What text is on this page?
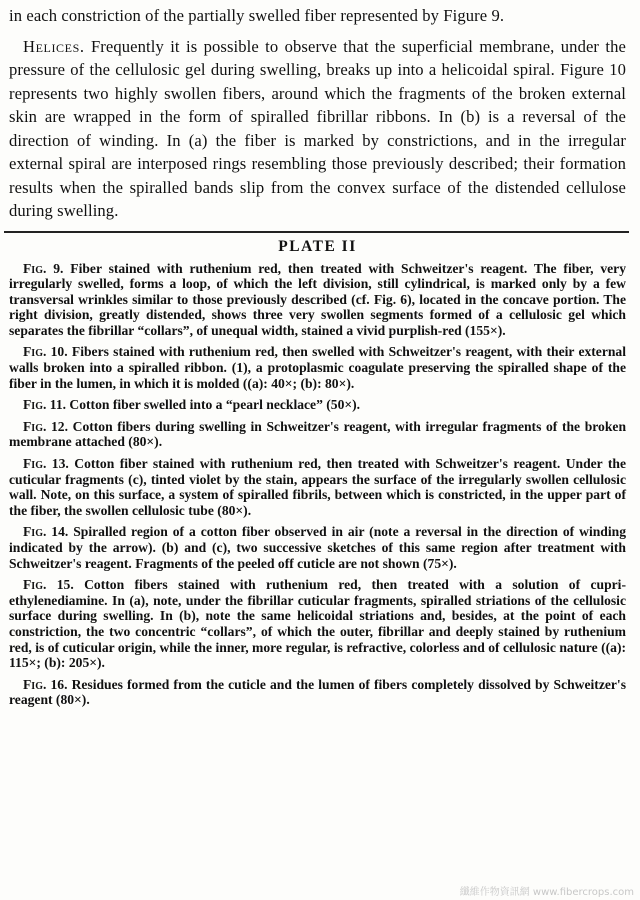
in each constriction of the partially swelled fiber represented by Figure 9.

Helices. Frequently it is possible to observe that the superficial membrane, under the pressure of the cellulosic gel during swelling, breaks up into a helicoidal spiral. Figure 10 represents two highly swollen fibers, around which the fragments of the broken external skin are wrapped in the form of spiralled fibrillar ribbons. In (b) is a reversal of the direction of winding. In (a) the fiber is marked by constrictions, and in the irregular external spiral are interposed rings resembling those previously described; their formation results when the spiralled bands slip from the convex surface of the distended cellulose during swelling.

PLATE II

Fig. 9. Fiber stained with ruthenium red, then treated with Schweitzer's reagent. The fiber, very irregularly swelled, forms a loop, of which the left division, still cylindrical, is marked only by a few transversal wrinkles similar to those previously described (cf. Fig. 6), located in the concave portion. The right division, greatly distended, shows three very swollen segments formed of a cellulosic gel which separates the fibrillar “collars”, of unequal width, stained a vivid purplish-red (155×).

Fig. 10. Fibers stained with ruthenium red, then swelled with Schweitzer's reagent, with their external walls broken into a spiralled ribbon. (1), a protoplasmic coagulate preserving the spiralled shape of the fiber in the lumen, in which it is molded ((a): 40×; (b): 80×).

Fig. 11. Cotton fiber swelled into a “pearl necklace” (50×).

Fig. 12. Cotton fibers during swelling in Schweitzer's reagent, with irregular fragments of the broken membrane attached (80×).

Fig. 13. Cotton fiber stained with ruthenium red, then treated with Schweitzer's reagent. Under the cuticular fragments (c), tinted violet by the stain, appears the surface of the irregularly swollen cellulosic wall. Note, on this surface, a system of spiralled fibrils, between which is constricted, in the upper part of the fiber, the swollen cellulosic tube (80×).

Fig. 14. Spiralled region of a cotton fiber observed in air (note a reversal in the direction of winding indicated by the arrow). (b) and (c), two successive sketches of this same region after treatment with Schweitzer's reagent. Fragments of the peeled off cuticle are not shown (75×).

Fig. 15. Cotton fibers stained with ruthenium red, then treated with a solution of cupri-ethylenediamine. In (a), note, under the fibrillar cuticular fragments, spiralled striations of the cellulosic surface during swelling. In (b), note the same helicoidal striations and, besides, at the point of each constriction, the two concentric “collars”, of which the outer, fibrillar and deeply stained by ruthenium red, is of cuticular origin, while the inner, more regular, is refractive, colorless and of cellulosic nature ((a): 115×; (b): 205×).

Fig. 16. Residues formed from the cuticle and the lumen of fibers completely dissolved by Schweitzer's reagent (80×).

纖維作物資訊網 www.fibercrops.com
